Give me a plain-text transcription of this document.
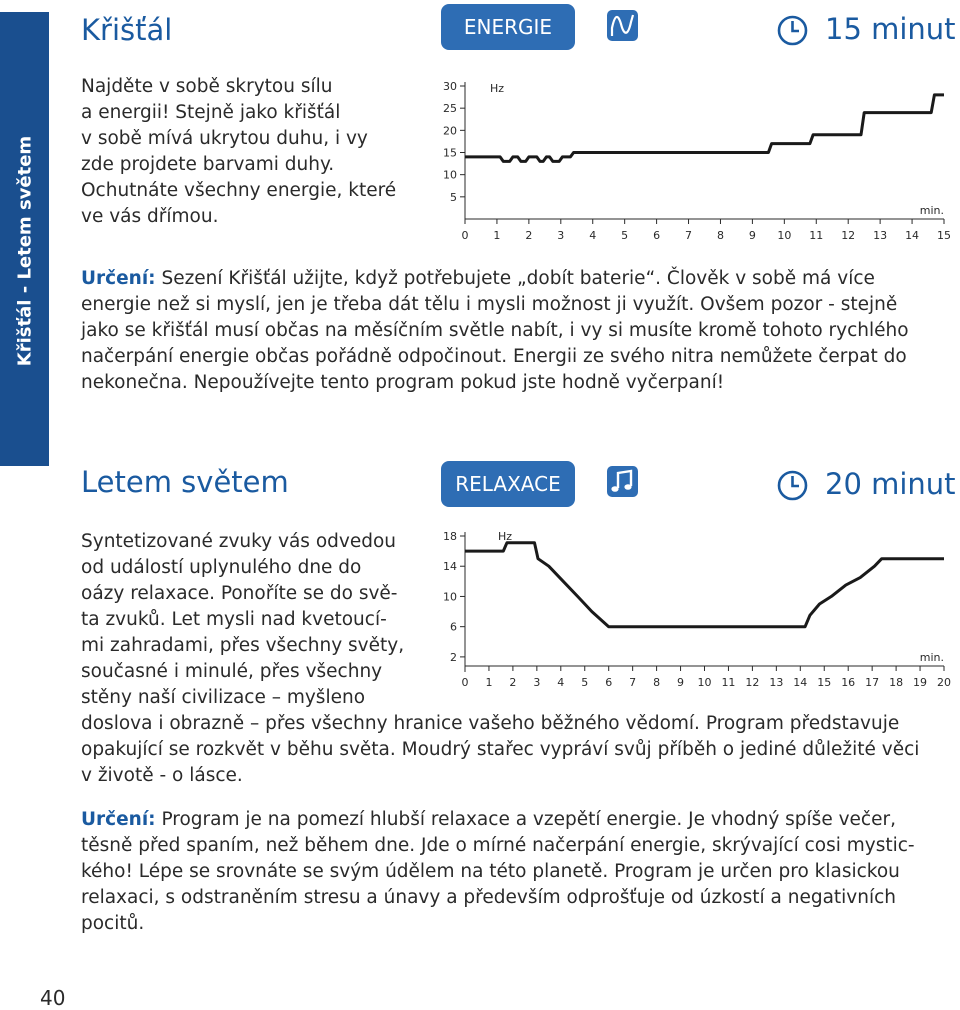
Křišťál - Letem světem
Křišťál	ENERGIE	15 minut
Najděte v sobě skrytou sílu
a energii! Stejně jako křišťál
v sobě mívá ukrytou duhu, i vy
zde projdete barvami duhy.
Ochutnáte všechny energie, které
ve vás dřímou.
5
10
15
20
25
30
0 1 2 3 4 5 6 7 8 9 10 11 12 13 14 15
Hz
min.
Určení: Sezení Křišťál užijte, když potřebujete „dobít baterie“. Člověk v sobě má více
energie než si myslí, jen je třeba dát tělu i mysli možnost ji využít. Ovšem pozor - stejně
jako se křišťál musí občas na měsíčním světle nabít, i vy si musíte kromě tohoto rychlého
načerpání energie občas pořádně odpočinout. Energii ze svého nitra nemůžete čerpat do
nekonečna. Nepoužívejte tento program pokud jste hodně vyčerpaní!
Letem světem	RELAXACE	20 minut
Syntetizované zvuky vás odvedou
od událostí uplynulého dne do
oázy relaxace. Ponoříte se do svě-
ta zvuků. Let mysli nad kvetoucí-
mi zahradami, přes všechny světy,
současné i minulé, přes všechny
stěny naší civilizace – myšleno
doslova i obrazně – přes všechny hranice vašeho běžného vědomí. Program představuje
opakující se rozkvět v běhu světa. Moudrý stařec vypráví svůj příběh o jediné důležité věci
v životě - o lásce.
2
6
10
14
18
0 1 2 3 4 5 6 7 8 9 10 11 12 13 14 15 16 17 18 19 20
Hz
min.
Určení: Program je na pomezí hlubší relaxace a vzepětí energie. Je vhodný spíše večer,
těsně před spaním, než během dne. Jde o mírné načerpání energie, skrývající cosi mystic-
kého! Lépe se srovnáte se svým údělem na této planetě. Program je určen pro klasickou
relaxaci, s odstraněním stresu a únavy a především odprošťuje od úzkostí a negativních
pocitů.
40
